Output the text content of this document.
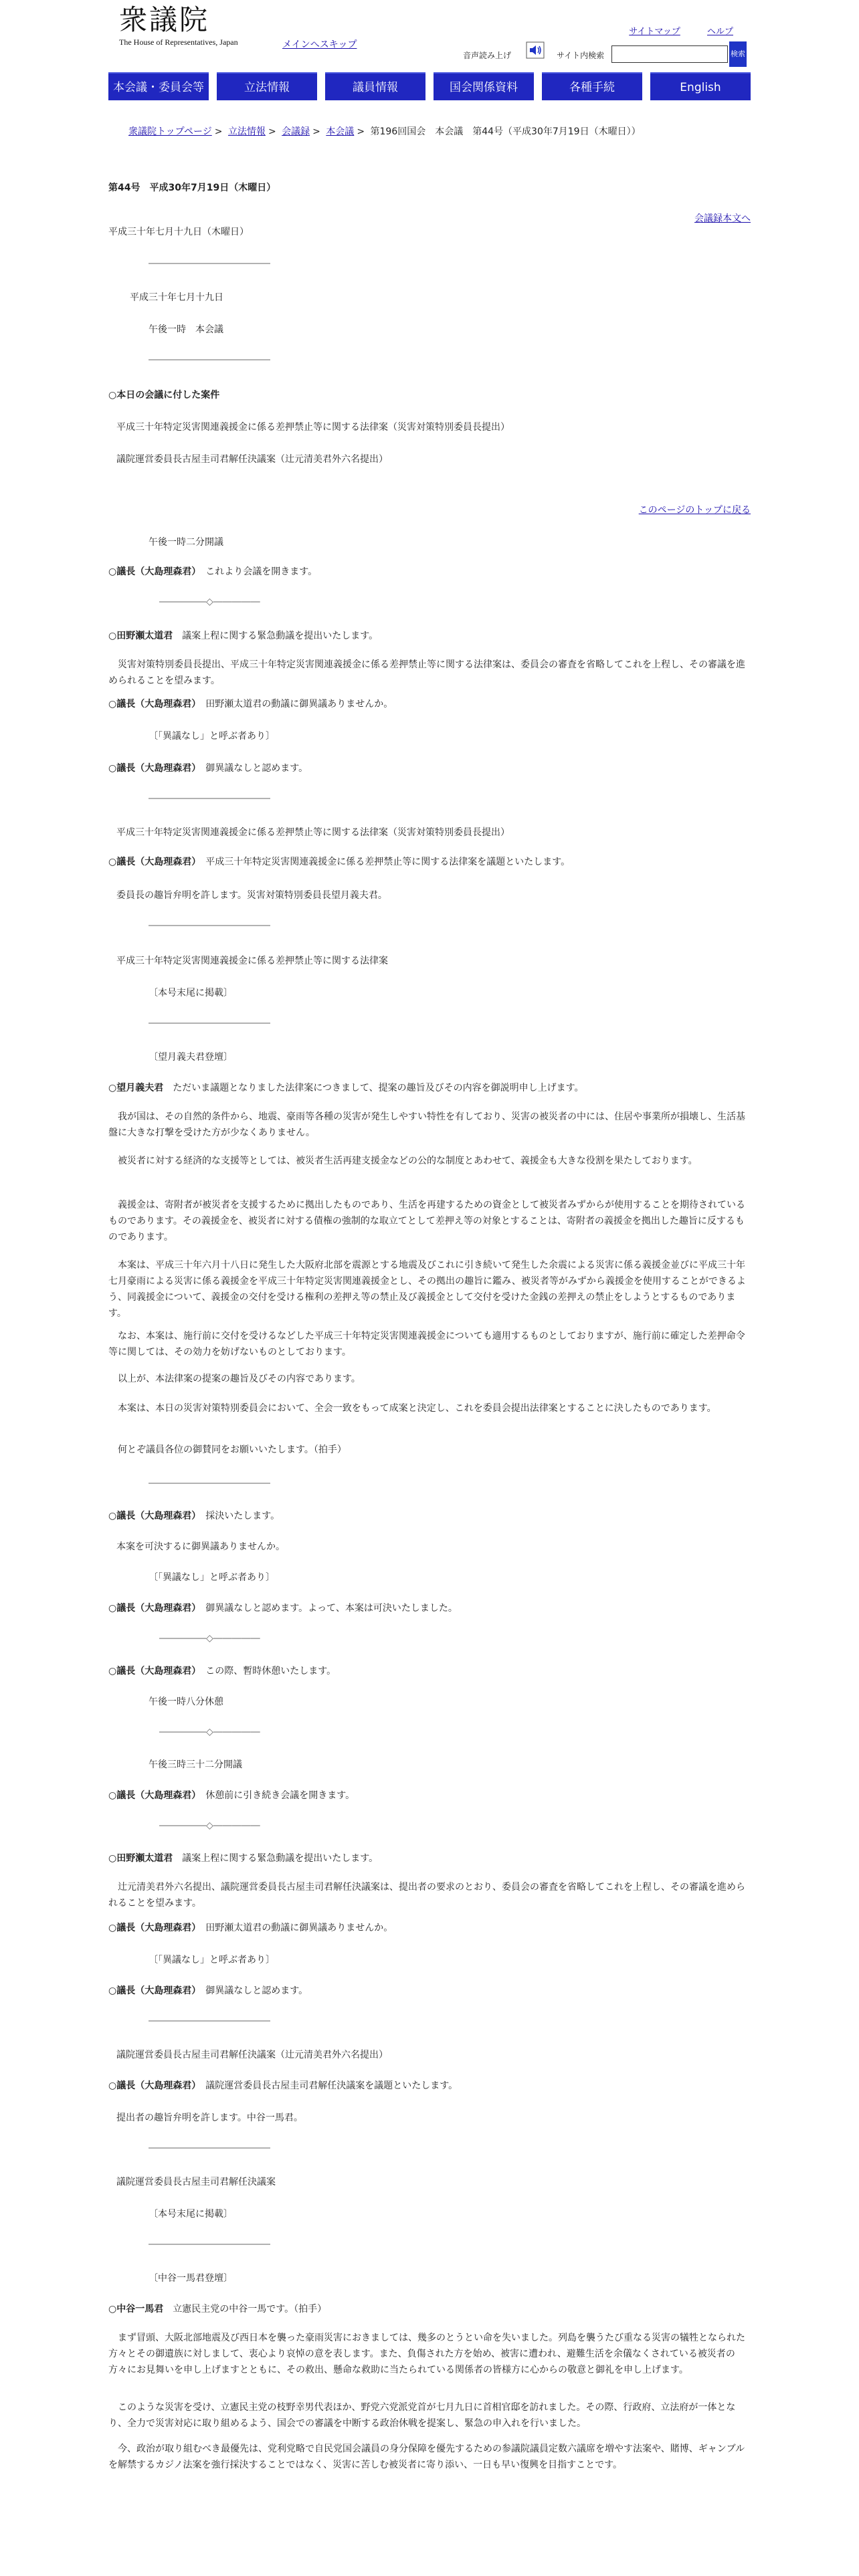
衆議院
The House of Representatives, Japan	メインへスキップ
サイトマップ	ヘルプ
音声読み上げ	サイト内検索	検索
本会議・委員会等	立法情報	議員情報	国会関係資料	各種手続	English
衆議院トップページ > 立法情報 > 会議録 > 本会議 > 第196回国会　本会議　第44号（平成30年7月19日（木曜日））
第44号　平成30年7月19日（木曜日）
会議録本文へ
平成三十年七月十九日（木曜日）
―――――――――――――
平成三十年七月十九日
午後一時　本会議
―――――――――――――
○本日の会議に付した案件
平成三十年特定災害関連義援金に係る差押禁止等に関する法律案（災害対策特別委員長提出）
議院運営委員長古屋圭司君解任決議案（辻元清美君外六名提出）
このページのトップに戻る
午後一時二分開議
○議長（大島理森君）　 これより会議を開きます。
―――――◇―――――
○田野瀬太道君　 議案上程に関する緊急動議を提出いたします。
災害対策特別委員長提出、平成三十年特定災害関連義援金に係る差押禁止等に関する法律案は、委員会の審査を省略してこれを上程し、その審議を進められることを望みます。
○議長（大島理森君）　 田野瀬太道君の動議に御異議ありませんか。
〔「異議なし」と呼ぶ者あり〕
○議長（大島理森君）　 御異議なしと認めます。
―――――――――――――
平成三十年特定災害関連義援金に係る差押禁止等に関する法律案（災害対策特別委員長提出）
○議長（大島理森君）　 平成三十年特定災害関連義援金に係る差押禁止等に関する法律案を議題といたします。
委員長の趣旨弁明を許します。災害対策特別委員長望月義夫君。
―――――――――――――
平成三十年特定災害関連義援金に係る差押禁止等に関する法律案
〔本号末尾に掲載〕
―――――――――――――
〔望月義夫君登壇〕
○望月義夫君　 ただいま議題となりました法律案につきまして、提案の趣旨及びその内容を御説明申し上げます。
我が国は、その自然的条件から、地震、豪雨等各種の災害が発生しやすい特性を有しており、災害の被災者の中には、住居や事業所が損壊し、生活基盤に大きな打撃を受けた方が少なくありません。
被災者に対する経済的な支援等としては、被災者生活再建支援金などの公的な制度とあわせて、義援金も大きな役割を果たしております。
義援金は、寄附者が被災者を支援するために拠出したものであり、生活を再建するための資金として被災者みずからが使用することを期待されているものであります。その義援金を、被災者に対する債権の強制的な取立てとして差押え等の対象とすることは、寄附者の義援金を拠出した趣旨に反するものであります。
本案は、平成三十年六月十八日に発生した大阪府北部を震源とする地震及びこれに引き続いて発生した余震による災害に係る義援金並びに平成三十年七月豪雨による災害に係る義援金を平成三十年特定災害関連義援金とし、その拠出の趣旨に鑑み、被災者等がみずから義援金を使用することができるよう、同義援金について、義援金の交付を受ける権利の差押え等の禁止及び義援金として交付を受けた金銭の差押えの禁止をしようとするものであります。
なお、本案は、施行前に交付を受けるなどした平成三十年特定災害関連義援金についても適用するものとしておりますが、施行前に確定した差押命令等に関しては、その効力を妨げないものとしております。
以上が、本法律案の提案の趣旨及びその内容であります。
本案は、本日の災害対策特別委員会において、全会一致をもって成案と決定し、これを委員会提出法律案とすることに決したものであります。
何とぞ議員各位の御賛同をお願いいたします。（拍手）
―――――――――――――
○議長（大島理森君）　 採決いたします。
本案を可決するに御異議ありませんか。
〔「異議なし」と呼ぶ者あり〕
○議長（大島理森君）　 御異議なしと認めます。よって、本案は可決いたしました。
―――――◇―――――
○議長（大島理森君）　 この際、暫時休憩いたします。
午後一時八分休憩
―――――◇―――――
午後三時三十二分開議
○議長（大島理森君）　 休憩前に引き続き会議を開きます。
―――――◇―――――
○田野瀬太道君　 議案上程に関する緊急動議を提出いたします。
辻元清美君外六名提出、議院運営委員長古屋圭司君解任決議案は、提出者の要求のとおり、委員会の審査を省略してこれを上程し、その審議を進められることを望みます。
○議長（大島理森君）　 田野瀬太道君の動議に御異議ありませんか。
〔「異議なし」と呼ぶ者あり〕
○議長（大島理森君）　 御異議なしと認めます。
―――――――――――――
議院運営委員長古屋圭司君解任決議案（辻元清美君外六名提出）
○議長（大島理森君）　 議院運営委員長古屋圭司君解任決議案を議題といたします。
提出者の趣旨弁明を許します。中谷一馬君。
―――――――――――――
議院運営委員長古屋圭司君解任決議案
〔本号末尾に掲載〕
―――――――――――――
〔中谷一馬君登壇〕
○中谷一馬君　 立憲民主党の中谷一馬です。（拍手）
まず冒頭、大阪北部地震及び西日本を襲った豪雨災害におきましては、幾多のとうとい命を失いました。列島を襲うたび重なる災害の犠牲となられた方々とその御遺族に対しまして、衷心より哀悼の意を表します。また、負傷された方を始め、被害に遭われ、避難生活を余儀なくされている被災者の方々にお見舞いを申し上げますとともに、その救出、懸命な救助に当たられている関係者の皆様方に心からの敬意と御礼を申し上げます。
このような災害を受け、立憲民主党の枝野幸男代表ほか、野党六党派党首が七月九日に首相官邸を訪れました。その際、行政府、立法府が一体となり、全力で災害対応に取り組めるよう、国会での審議を中断する政治休戦を提案し、緊急の申入れを行いました。
今、政治が取り組むべき最優先は、党利党略で自民党国会議員の身分保障を優先するための参議院議員定数六議席を増やす法案や、賭博、ギャンブルを解禁するカジノ法案を強行採決することではなく、災害に苦しむ被災者に寄り添い、一日も早い復興を目指すことです。
